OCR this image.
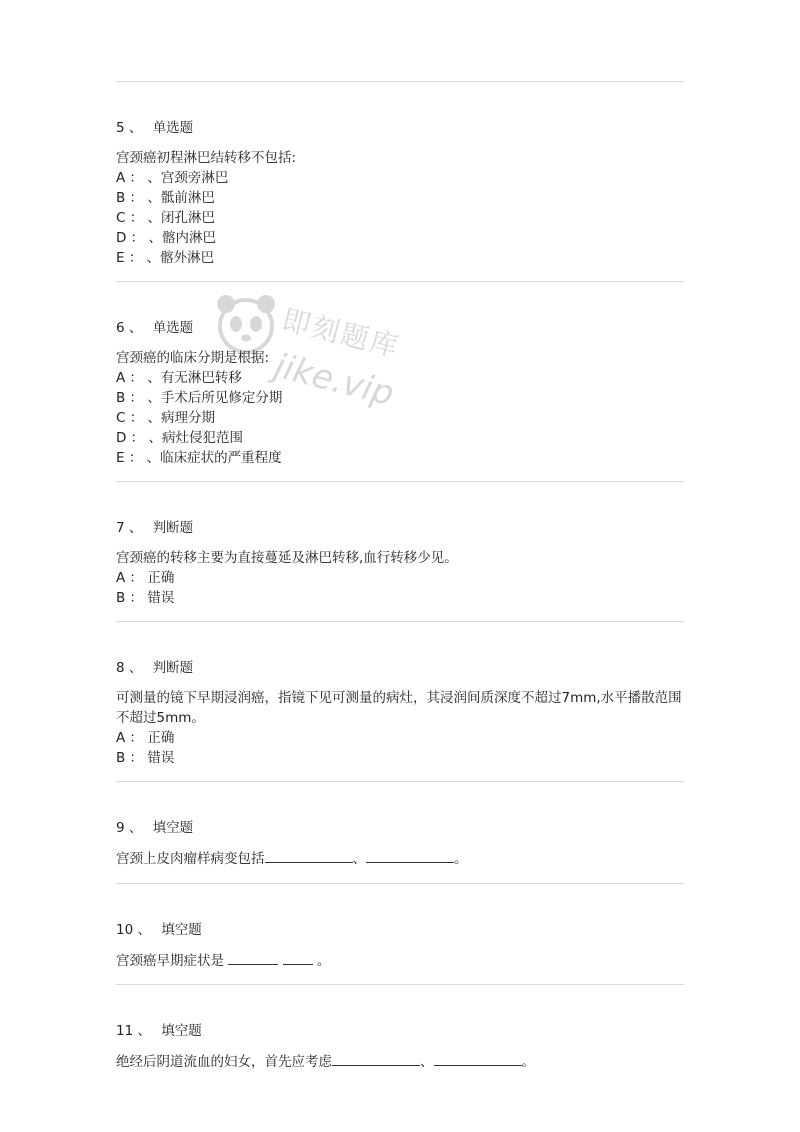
即刻题库
jike.vip
5 、 单选题
宫颈癌初程淋巴结转移不包括:
A ： 、宫颈旁淋巴
B ： 、骶前淋巴
C ： 、闭孔淋巴
D ： 、髂内淋巴
E ： 、髂外淋巴
6 、 单选题
宫颈癌的临床分期是根据:
A ： 、有无淋巴转移
B ： 、手术后所见修定分期
C ： 、病理分期
D ： 、病灶侵犯范围
E ： 、临床症状的严重程度
7 、 判断题
宫颈癌的转移主要为直接蔓延及淋巴转移,血行转移少见。
A ： 正确
B ： 错误
8 、 判断题
可测量的镜下早期浸润癌，指镜下见可测量的病灶，其浸润间质深度不超过7mm,水平播散范围不超过5mm。
A ： 正确
B ： 错误
9 、 填空题
宫颈上皮肉瘤样病变包括	、	。
10 、 填空题
宫颈癌早期症状是	。
11 、 填空题
绝经后阴道流血的妇女，首先应考虑	、	。
